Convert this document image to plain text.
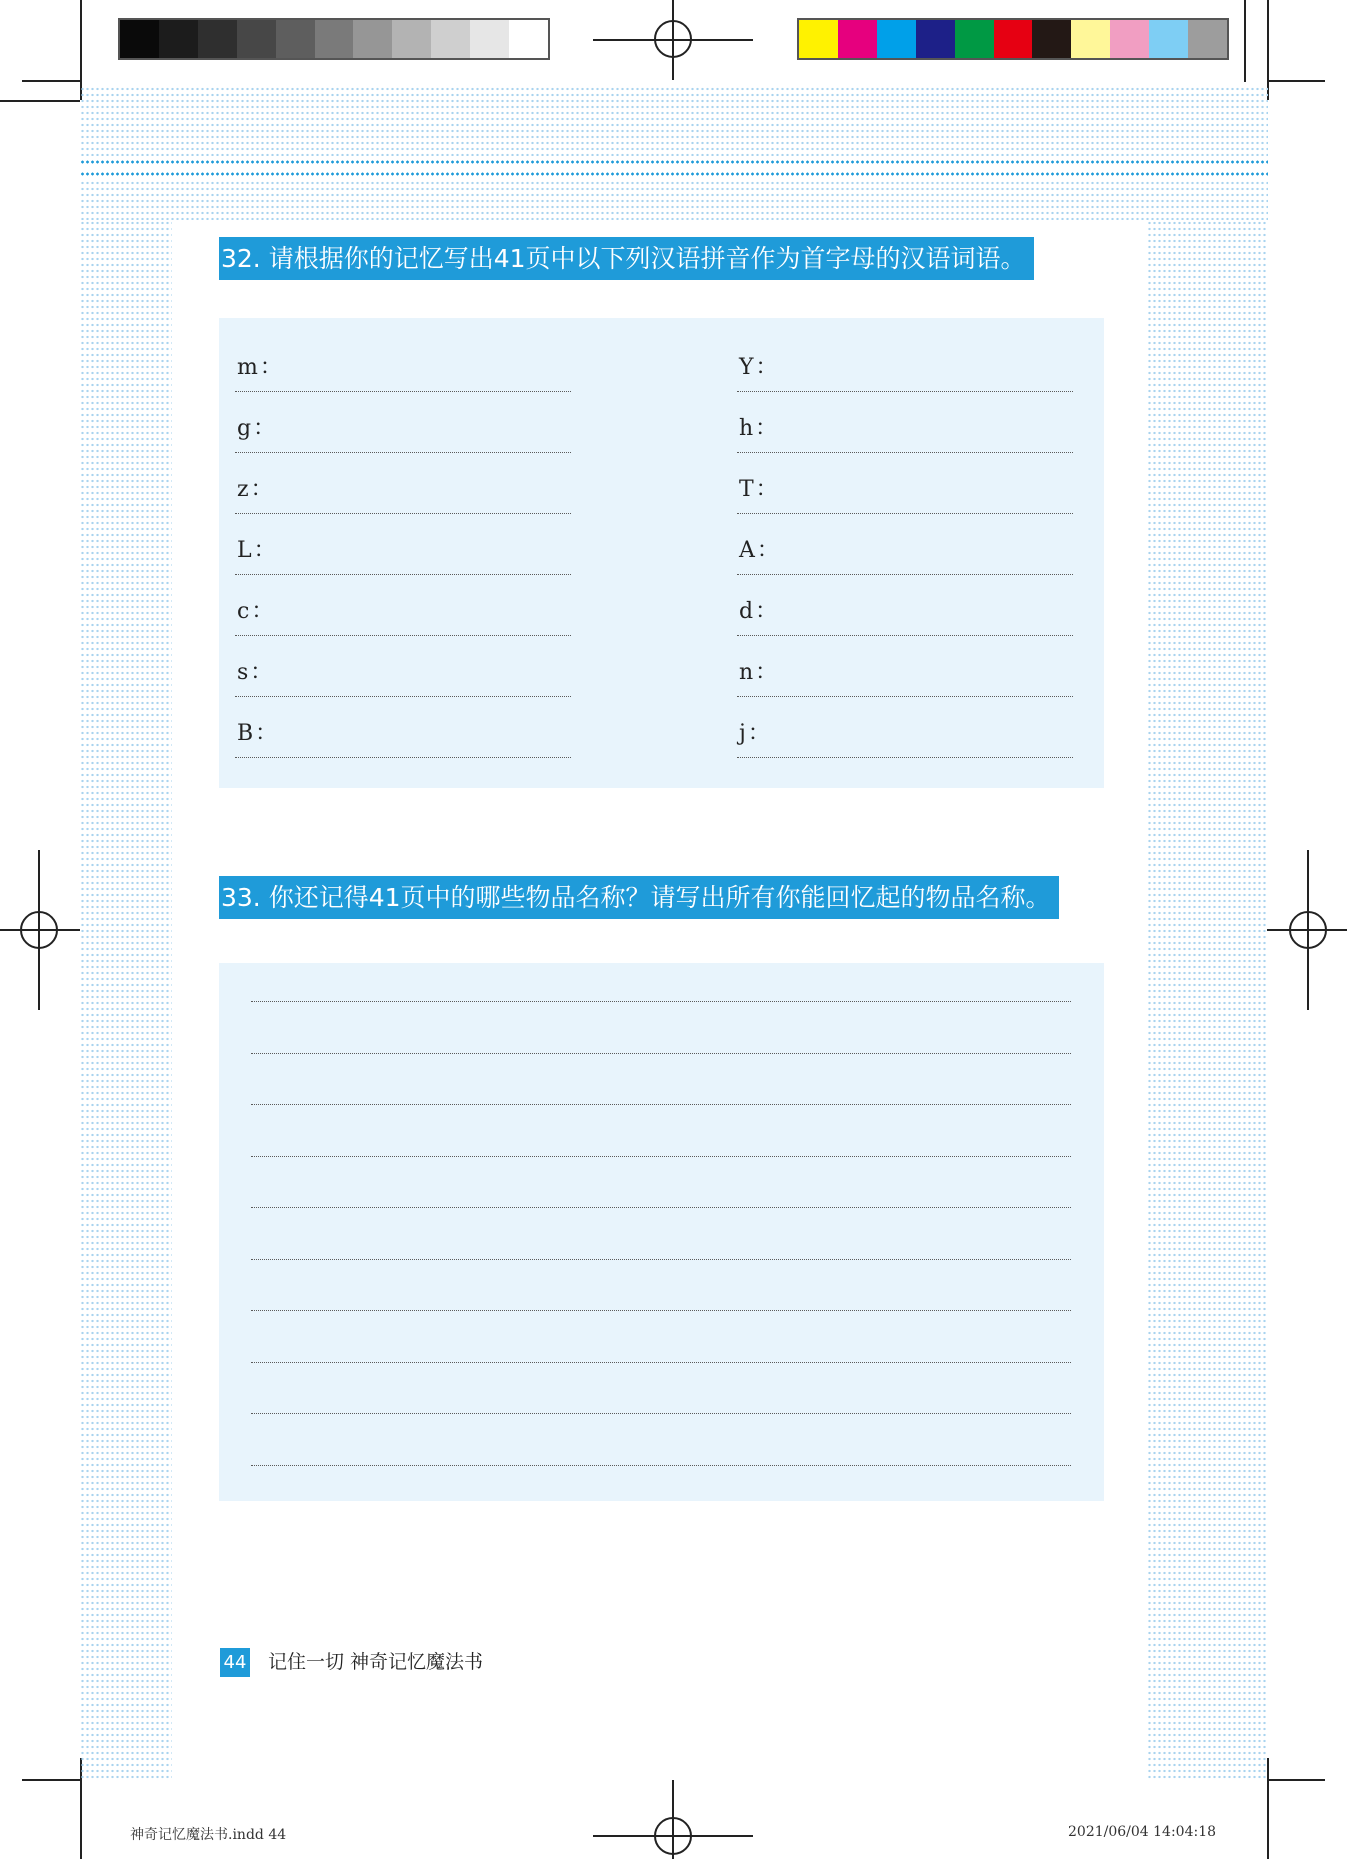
32. 请根据你的记忆写出41页中以下列汉语拼音作为首字母的汉语词语。
m：
g：
z：
L：
c：
s：
B：
Y：
h：
T：
A：
d：
n：
j：
33. 你还记得41页中的哪些物品名称？请写出所有你能回忆起的物品名称。
44 记住一切 神奇记忆魔法书
神奇记忆魔法书.indd 44	2021/06/04 14:04:18
